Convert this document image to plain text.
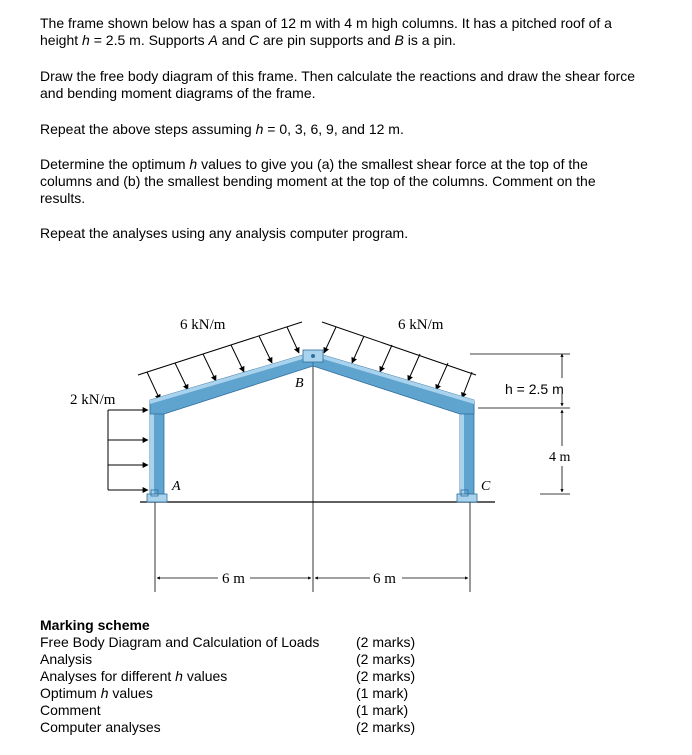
The frame shown below has a span of 12 m with 4 m high columns. It has a pitched roof of a height h = 2.5 m. Supports A and C are pin supports and B is a pin.
Draw the free body diagram of this frame. Then calculate the reactions and draw the shear force and bending moment diagrams of the frame.
Repeat the above steps assuming h = 0, 3, 6, 9, and 12 m.
Determine the optimum h values to give you (a) the smallest shear force at the top of the columns and (b) the smallest bending moment at the top of the columns. Comment on the results.
Repeat the analyses using any analysis computer program.
6 kN/m	6 kN/m
2 kN/m
B
A	C
h = 2.5 m
4 m
6 m	6 m
Marking scheme
Free Body Diagram and Calculation of Loads	(2 marks)
Analysis	(2 marks)
Analyses for different h values	(2 marks)
Optimum h values	(1 mark)
Comment	(1 mark)
Computer analyses	(2 marks)
